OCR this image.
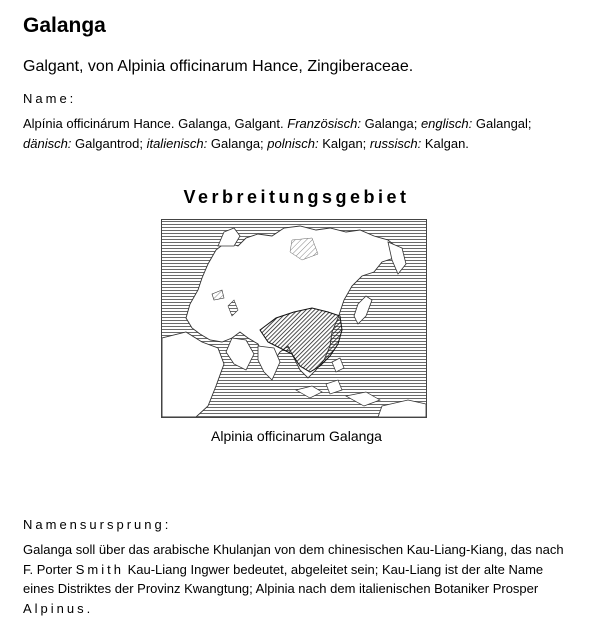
Galanga
Galgant, von Alpinia officinarum Hance, Zingiberaceae.
Name:
Alpínia officinárum Hance. Galanga, Galgant. Französisch: Galanga; englisch: Galangal; dänisch: Galgantrod; italienisch: Galanga; polnisch: Kalgan; russisch: Kalgan.
Verbreitungsgebiet
Alpinia officinarum Galanga
Namensursprung:
Galanga soll über das arabische Khulanjan von dem chinesischen Kau-Liang-Kiang, das nach F. Porter Smith Kau-Liang Ingwer bedeutet, abgeleitet sein; Kau-Liang ist der alte Name eines Distriktes der Provinz Kwangtung; Alpinia nach dem italienischen Botaniker Prosper Alpinus.
